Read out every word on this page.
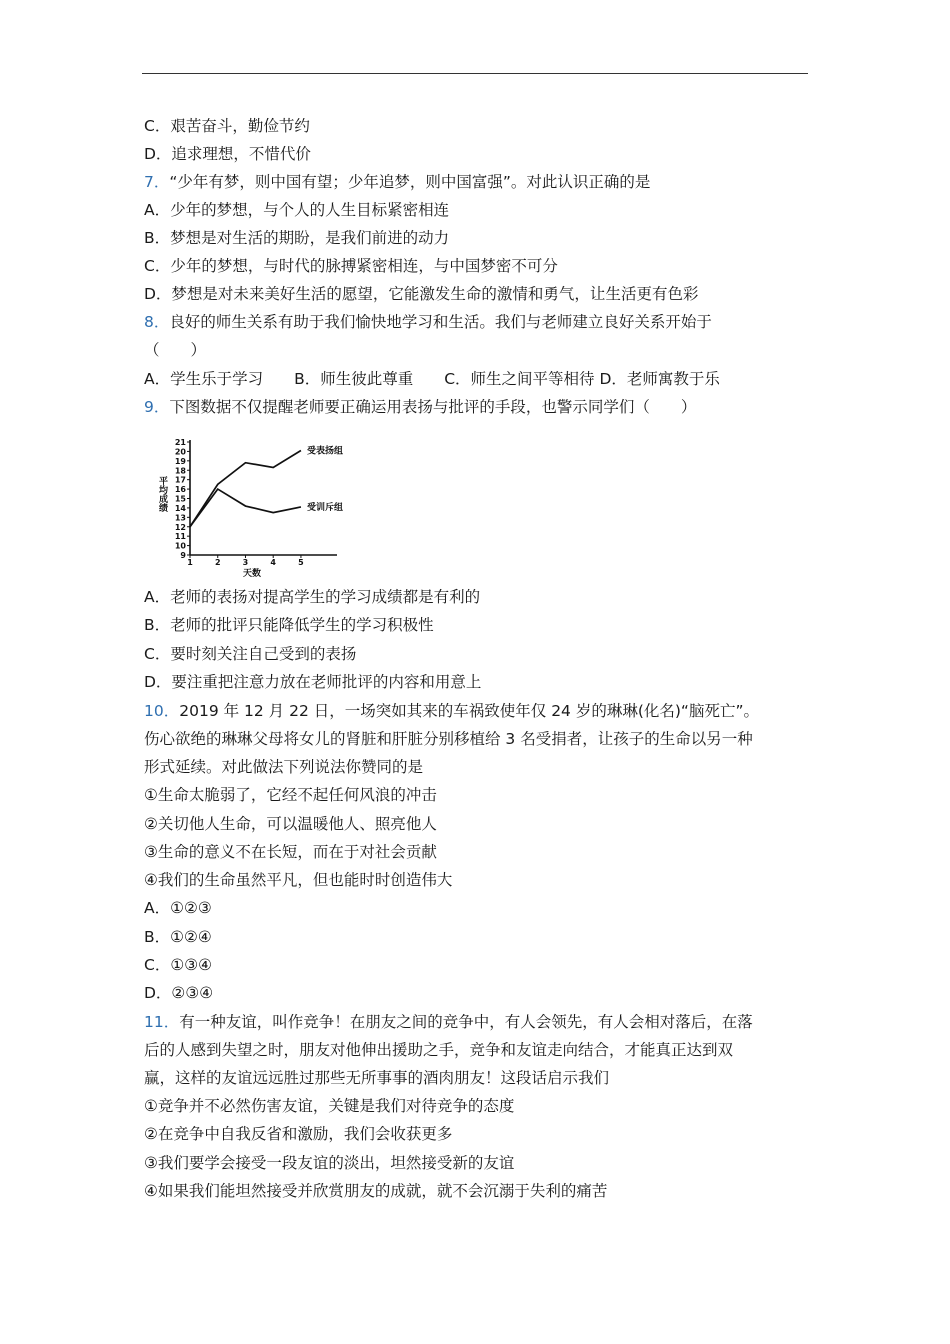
C．艰苦奋斗，勤俭节约
D．追求理想，不惜代价
7．“少年有梦，则中国有望；少年追梦，则中国富强”。对此认识正确的是
A．少年的梦想，与个人的人生目标紧密相连
B．梦想是对生活的期盼，是我们前进的动力
C．少年的梦想，与时代的脉搏紧密相连，与中国梦密不可分
D．梦想是对未来美好生活的愿望，它能激发生命的激情和勇气，让生活更有色彩
8．良好的师生关系有助于我们愉快地学习和生活。我们与老师建立良好关系开始于
（　　）
A．学生乐于学习　　B．师生彼此尊重　　C．师生之间平等相待 D．老师寓教于乐
9．下图数据不仅提醒老师要正确运用表扬与批评的手段，也警示同学们（　　）
9
10
11
12
13
14
15
16
17
18
19
20
21
1	2	3	4	5
天数
平均成绩
受表扬组
受训斥组
A．老师的表扬对提高学生的学习成绩都是有利的
B．老师的批评只能降低学生的学习积极性
C．要时刻关注自己受到的表扬
D．要注重把注意力放在老师批评的内容和用意上
10．2019 年 12 月 22 日，一场突如其来的车祸致使年仅 24 岁的琳琳(化名)“脑死亡”。
伤心欲绝的琳琳父母将女儿的肾脏和肝脏分别移植给 3 名受捐者，让孩子的生命以另一种
形式延续。对此做法下列说法你赞同的是
①生命太脆弱了，它经不起任何风浪的冲击
②关切他人生命，可以温暖他人、照亮他人
③生命的意义不在长短，而在于对社会贡献
④我们的生命虽然平凡，但也能时时创造伟大
A．①②③
B．①②④
C．①③④
D．②③④
11．有一种友谊，叫作竞争！在朋友之间的竞争中，有人会领先，有人会相对落后，在落
后的人感到失望之时，朋友对他伸出援助之手，竞争和友谊走向结合，才能真正达到双
赢，这样的友谊远远胜过那些无所事事的酒肉朋友！这段话启示我们
①竞争并不必然伤害友谊，关键是我们对待竞争的态度
②在竞争中自我反省和激励，我们会收获更多
③我们要学会接受一段友谊的淡出，坦然接受新的友谊
④如果我们能坦然接受并欣赏朋友的成就，就不会沉溺于失利的痛苦
